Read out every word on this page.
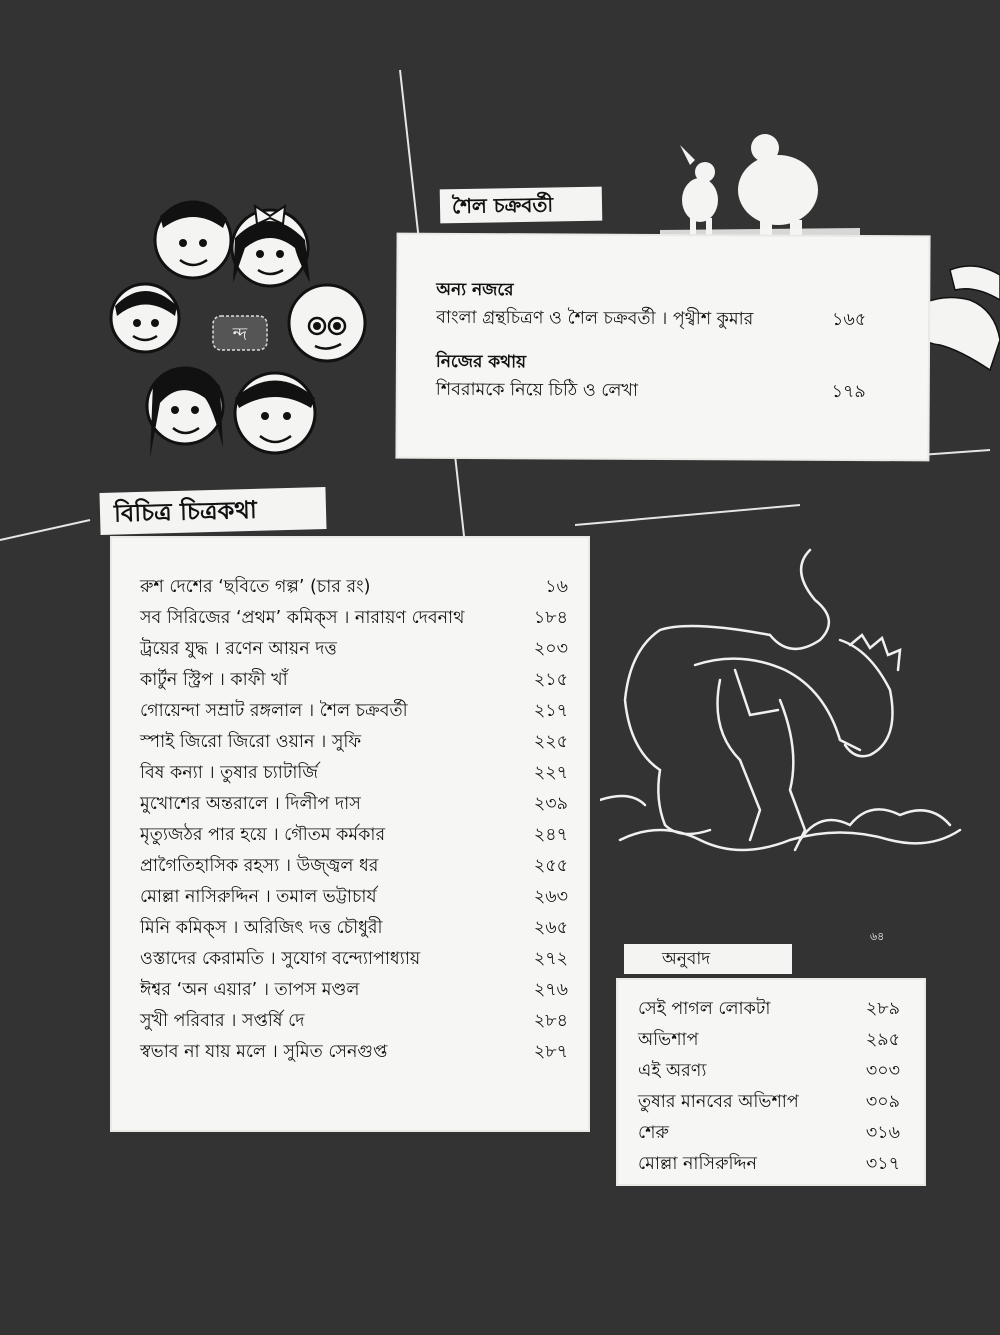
ন্দ
শৈল চক্রবর্তী
অন্য নজরে
বাংলা গ্রন্থচিত্রণ ও শৈল চক্রবর্তী । পৃথ্বীশ কুমার	১৬৫
নিজের কথায়
শিবরামকে নিয়ে চিঠি ও লেখা	১৭৯
বিচিত্র চিত্রকথা
রুশ দেশের ‘ছবিতে গল্প’ (চার রং)	১৬
সব সিরিজের ‘প্রথম’ কমিক্‌স । নারায়ণ দেবনাথ	১৮৪
ট্রয়ের যুদ্ধ । রণেন আয়ন দত্ত	২০৩
কার্টুন স্ট্রিপ । কাফী খাঁ	২১৫
গোয়েন্দা সম্রাট রঙ্গলাল । শৈল চক্রবর্তী	২১৭
স্পাই জিরো জিরো ওয়ান । সুফি	২২৫
বিষ কন্যা । তুষার চ্যাটার্জি	২২৭
মুখোশের অন্তরালে । দিলীপ দাস	২৩৯
মৃত্যুজঠর পার হয়ে । গৌতম কর্মকার	২৪৭
প্রাগৈতিহাসিক রহস্য । উজ্জ্বল ধর	২৫৫
মোল্লা নাসিরুদ্দিন । তমাল ভট্টাচার্য	২৬৩
মিনি কমিক্‌স । অরিজিৎ দত্ত চৌধুরী	২৬৫
ওস্তাদের কেরামতি । সুযোগ বন্দ্যোপাধ্যায়	২৭২
ঈশ্বর ‘অন এয়ার’ । তাপস মণ্ডল	২৭৬
সুখী পরিবার । সপ্তর্ষি দে	২৮৪
স্বভাব না যায় মলে । সুমিত সেনগুপ্ত	২৮৭
৬৪
অনুবাদ
সেই পাগল লোকটা	২৮৯
অভিশাপ	২৯৫
এই অরণ্য	৩০৩
তুষার মানবের অভিশাপ	৩০৯
শেরু	৩১৬
মোল্লা নাসিরুদ্দিন	৩১৭
